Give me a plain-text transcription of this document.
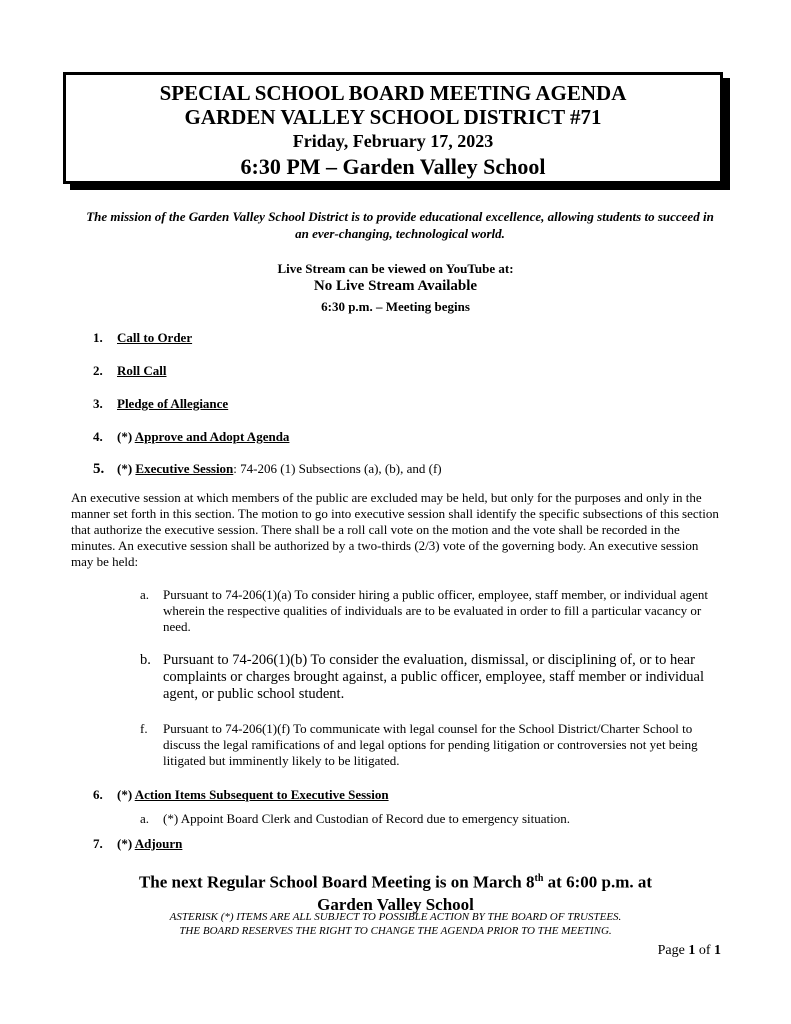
SPECIAL SCHOOL BOARD MEETING AGENDA
GARDEN VALLEY SCHOOL DISTRICT #71
Friday, February 17, 2023
6:30 PM – Garden Valley School
The mission of the Garden Valley School District is to provide educational excellence, allowing students to succeed in an ever-changing, technological world.
Live Stream can be viewed on YouTube at:
No Live Stream Available
6:30 p.m. – Meeting begins
1. Call to Order
2. Roll Call
3. Pledge of Allegiance
4. (*) Approve and Adopt Agenda
5. (*) Executive Session: 74-206 (1) Subsections (a), (b), and (f)
An executive session at which members of the public are excluded may be held, but only for the purposes and only in the manner set forth in this section. The motion to go into executive session shall identify the specific subsections of this section that authorize the executive session. There shall be a roll call vote on the motion and the vote shall be recorded in the minutes. An executive session shall be authorized by a two-thirds (2/3) vote of the governing body. An executive session may be held:
a. Pursuant to 74-206(1)(a) To consider hiring a public officer, employee, staff member, or individual agent wherein the respective qualities of individuals are to be evaluated in order to fill a particular vacancy or need.
b. Pursuant to 74-206(1)(b) To consider the evaluation, dismissal, or disciplining of, or to hear complaints or charges brought against, a public officer, employee, staff member or individual agent, or public school student.
f. Pursuant to 74-206(1)(f) To communicate with legal counsel for the School District/Charter School to discuss the legal ramifications of and legal options for pending litigation or controversies not yet being litigated but imminently likely to be litigated.
6. (*) Action Items Subsequent to Executive Session
a. (*) Appoint Board Clerk and Custodian of Record due to emergency situation.
7. (*) Adjourn
The next Regular School Board Meeting is on March 8th at 6:00 p.m. at
Garden Valley School
ASTERISK (*) ITEMS ARE ALL SUBJECT TO POSSIBLE ACTION BY THE BOARD OF TRUSTEES.
THE BOARD RESERVES THE RIGHT TO CHANGE THE AGENDA PRIOR TO THE MEETING.
Page 1 of 1
